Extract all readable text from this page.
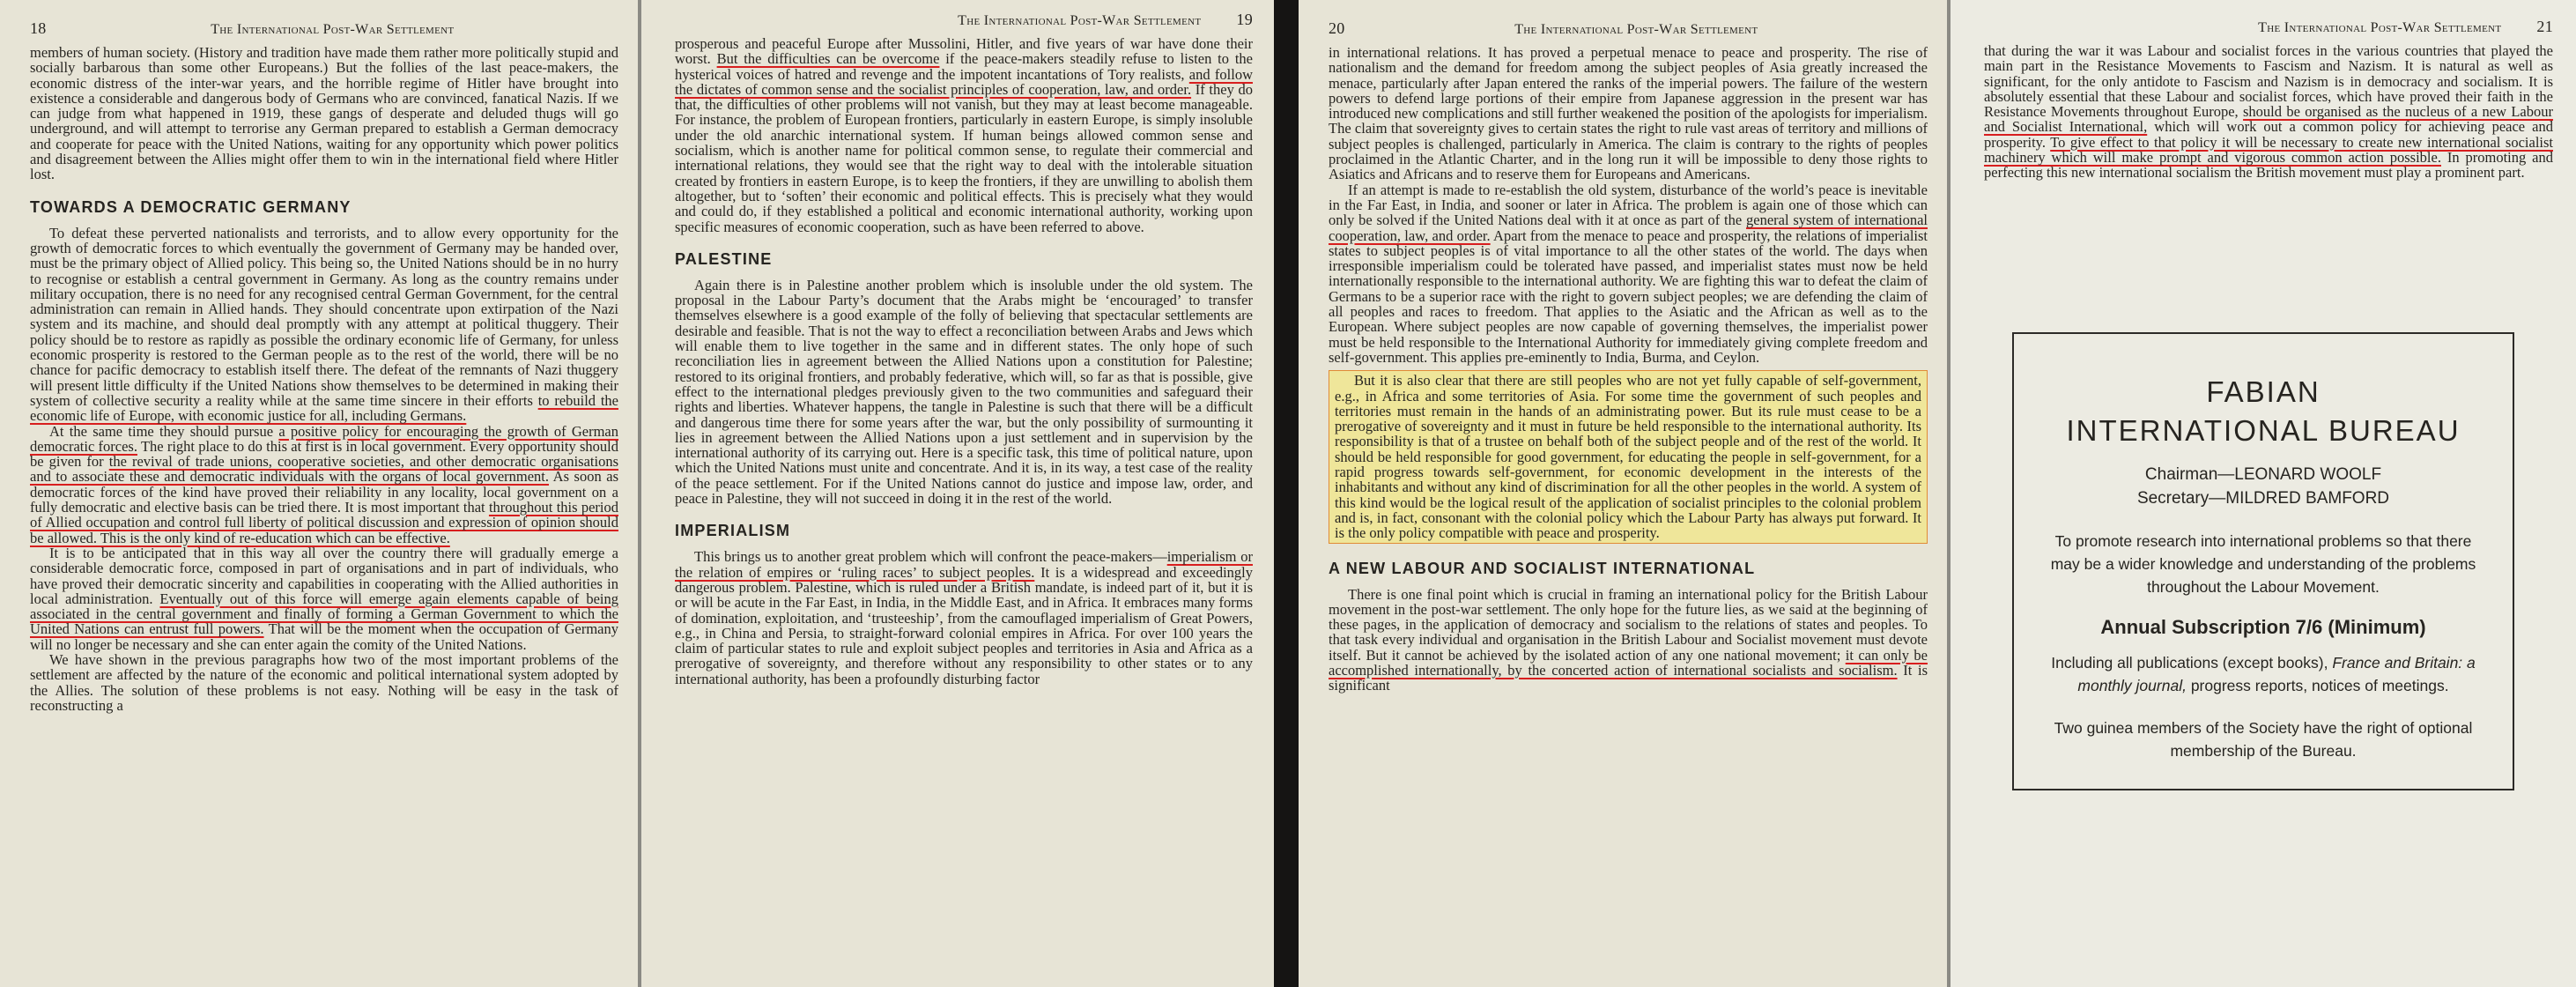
18	The International Post-War Settlement

members of human society. (History and tradition have made them rather more politically stupid and socially barbarous than some other Europeans.) But the follies of the last peace-makers, the economic distress of the inter-war years, and the horrible regime of Hitler have brought into existence a considerable and dangerous body of Germans who are convinced, fanatical Nazis. If we can judge from what happened in 1919, these gangs of desperate and deluded thugs will go underground, and will attempt to terrorise any German prepared to establish a German democracy and cooperate for peace with the United Nations, waiting for any opportunity which power politics and disagreement between the Allies might offer them to win in the international field where Hitler lost.

TOWARDS A DEMOCRATIC GERMANY

To defeat these perverted nationalists and terrorists, and to allow every opportunity for the growth of democratic forces to which eventually the government of Germany may be handed over, must be the primary object of Allied policy. This being so, the United Nations should be in no hurry to recognise or establish a central government in Germany. As long as the country remains under military occupation, there is no need for any recognised central German Government, for the central administration can remain in Allied hands. They should concentrate upon extirpation of the Nazi system and its machine, and should deal promptly with any attempt at political thuggery. Their policy should be to restore as rapidly as possible the ordinary economic life of Germany, for unless economic prosperity is restored to the German people as to the rest of the world, there will be no chance for pacific democracy to establish itself there. The defeat of the remnants of Nazi thuggery will present little difficulty if the United Nations show themselves to be determined in making their system of collective security a reality while at the same time sincere in their efforts to rebuild the economic life of Europe, with economic justice for all, including Germans.

At the same time they should pursue a positive policy for encouraging the growth of German democratic forces. The right place to do this at first is in local government. Every opportunity should be given for the revival of trade unions, cooperative societies, and other democratic organisations and to associate these and democratic individuals with the organs of local government. As soon as democratic forces of the kind have proved their reliability in any locality, local government on a fully democratic and elective basis can be tried there. It is most important that throughout this period of Allied occupation and control full liberty of political discussion and expression of opinion should be allowed. This is the only kind of re-education which can be effective.

It is to be anticipated that in this way all over the country there will gradually emerge a considerable democratic force, composed in part of organisations and in part of individuals, who have proved their democratic sincerity and capabilities in cooperating with the Allied authorities in local administration. Eventually out of this force will emerge again elements capable of being associated in the central government and finally of forming a German Government to which the United Nations can entrust full powers. That will be the moment when the occupation of Germany will no longer be necessary and she can enter again the comity of the United Nations.

We have shown in the previous paragraphs how two of the most important problems of the settlement are affected by the nature of the economic and political international system adopted by the Allies. The solution of these problems is not easy. Nothing will be easy in the task of reconstructing a

The International Post-War Settlement	19

prosperous and peaceful Europe after Mussolini, Hitler, and five years of war have done their worst. But the difficulties can be overcome if the peace-makers steadily refuse to listen to the hysterical voices of hatred and revenge and the impotent incantations of Tory realists, and follow the dictates of common sense and the socialist principles of cooperation, law, and order. If they do that, the difficulties of other problems will not vanish, but they may at least become manageable. For instance, the problem of European frontiers, particularly in eastern Europe, is simply insoluble under the old anarchic international system. If human beings allowed common sense and socialism, which is another name for political common sense, to regulate their commercial and international relations, they would see that the right way to deal with the intolerable situation created by frontiers in eastern Europe, is to keep the frontiers, if they are unwilling to abolish them altogether, but to ‘soften’ their economic and political effects. This is precisely what they would and could do, if they established a political and economic international authority, working upon specific measures of economic cooperation, such as have been referred to above.

PALESTINE

Again there is in Palestine another problem which is insoluble under the old system. The proposal in the Labour Party’s document that the Arabs might be ‘encouraged’ to transfer themselves elsewhere is a good example of the folly of believing that spectacular settlements are desirable and feasible. That is not the way to effect a reconciliation between Arabs and Jews which will enable them to live together in the same and in different states. The only hope of such reconciliation lies in agreement between the Allied Nations upon a constitution for Palestine; restored to its original frontiers, and probably federative, which will, so far as that is possible, give effect to the international pledges previously given to the two communities and safeguard their rights and liberties. Whatever happens, the tangle in Palestine is such that there will be a difficult and dangerous time there for some years after the war, but the only possibility of surmounting it lies in agreement between the Allied Nations upon a just settlement and in supervision by the international authority of its carrying out. Here is a specific task, this time of political nature, upon which the United Nations must unite and concentrate. And it is, in its way, a test case of the reality of the peace settlement. For if the United Nations cannot do justice and impose law, order, and peace in Palestine, they will not succeed in doing it in the rest of the world.

IMPERIALISM

This brings us to another great problem which will confront the peace-makers—imperialism or the relation of empires or ‘ruling races’ to subject peoples. It is a widespread and exceedingly dangerous problem. Palestine, which is ruled under a British mandate, is indeed part of it, but it is or will be acute in the Far East, in India, in the Middle East, and in Africa. It embraces many forms of domination, exploitation, and ‘trusteeship’, from the camouflaged imperialism of Great Powers, e.g., in China and Persia, to straight-forward colonial empires in Africa. For over 100 years the claim of particular states to rule and exploit subject peoples and territories in Asia and Africa as a prerogative of sovereignty, and therefore without any responsibility to other states or to any international authority, has been a profoundly disturbing factor

20	The International Post-War Settlement

in international relations. It has proved a perpetual menace to peace and prosperity. The rise of nationalism and the demand for freedom among the subject peoples of Asia greatly increased the menace, particularly after Japan entered the ranks of the imperial powers. The failure of the western powers to defend large portions of their empire from Japanese aggression in the present war has introduced new complications and still further weakened the position of the apologists for imperialism. The claim that sovereignty gives to certain states the right to rule vast areas of territory and millions of subject peoples is challenged, particularly in America. The claim is contrary to the rights of peoples proclaimed in the Atlantic Charter, and in the long run it will be impossible to deny those rights to Asiatics and Africans and to reserve them for Europeans and Americans.

If an attempt is made to re-establish the old system, disturbance of the world’s peace is inevitable in the Far East, in India, and sooner or later in Africa. The problem is again one of those which can only be solved if the United Nations deal with it at once as part of the general system of international cooperation, law, and order. Apart from the menace to peace and prosperity, the relations of imperialist states to subject peoples is of vital importance to all the other states of the world. The days when irresponsible imperialism could be tolerated have passed, and imperialist states must now be held internationally responsible to the international authority. We are fighting this war to defeat the claim of Germans to be a superior race with the right to govern subject peoples; we are defending the claim of all peoples and races to freedom. That applies to the Asiatic and the African as well as to the European. Where subject peoples are now capable of governing themselves, the imperialist power must be held responsible to the International Authority for immediately giving complete freedom and self-government. This applies pre-eminently to India, Burma, and Ceylon.

But it is also clear that there are still peoples who are not yet fully capable of self-government, e.g., in Africa and some territories of Asia. For some time the government of such peoples and territories must remain in the hands of an administrating power. But its rule must cease to be a prerogative of sovereignty and it must in future be held responsible to the international authority. Its responsibility is that of a trustee on behalf both of the subject people and of the rest of the world. It should be held responsible for good government, for educating the people in self-government, for a rapid progress towards self-government, for economic development in the interests of the inhabitants and without any kind of discrimination for all the other peoples in the world. A system of this kind would be the logical result of the application of socialist principles to the colonial problem and is, in fact, consonant with the colonial policy which the Labour Party has always put forward. It is the only policy compatible with peace and prosperity.

A NEW LABOUR AND SOCIALIST INTERNATIONAL

There is one final point which is crucial in framing an international policy for the British Labour movement in the post-war settlement. The only hope for the future lies, as we said at the beginning of these pages, in the application of democracy and socialism to the relations of states and peoples. To that task every individual and organisation in the British Labour and Socialist movement must devote itself. But it cannot be achieved by the isolated action of any one national movement; it can only be accomplished internationally, by the concerted action of international socialists and socialism. It is significant

The International Post-War Settlement	21

that during the war it was Labour and socialist forces in the various countries that played the main part in the Resistance Movements to Fascism and Nazism. It is natural as well as significant, for the only antidote to Fascism and Nazism is in democracy and socialism. It is absolutely essential that these Labour and socialist forces, which have proved their faith in the Resistance Movements throughout Europe, should be organised as the nucleus of a new Labour and Socialist International, which will work out a common policy for achieving peace and prosperity. To give effect to that policy it will be necessary to create new international socialist machinery which will make prompt and vigorous common action possible. In promoting and perfecting this new international socialism the British movement must play a prominent part.

FABIAN
INTERNATIONAL BUREAU
Chairman—LEONARD WOOLF
Secretary—MILDRED BAMFORD
To promote research into international problems so that there may be a wider knowledge and understanding of the problems throughout the Labour Movement.
Annual Subscription 7/6 (Minimum)
Including all publications (except books), France and Britain: a monthly journal, progress reports, notices of meetings.
Two guinea members of the Society have the right of optional membership of the Bureau.
